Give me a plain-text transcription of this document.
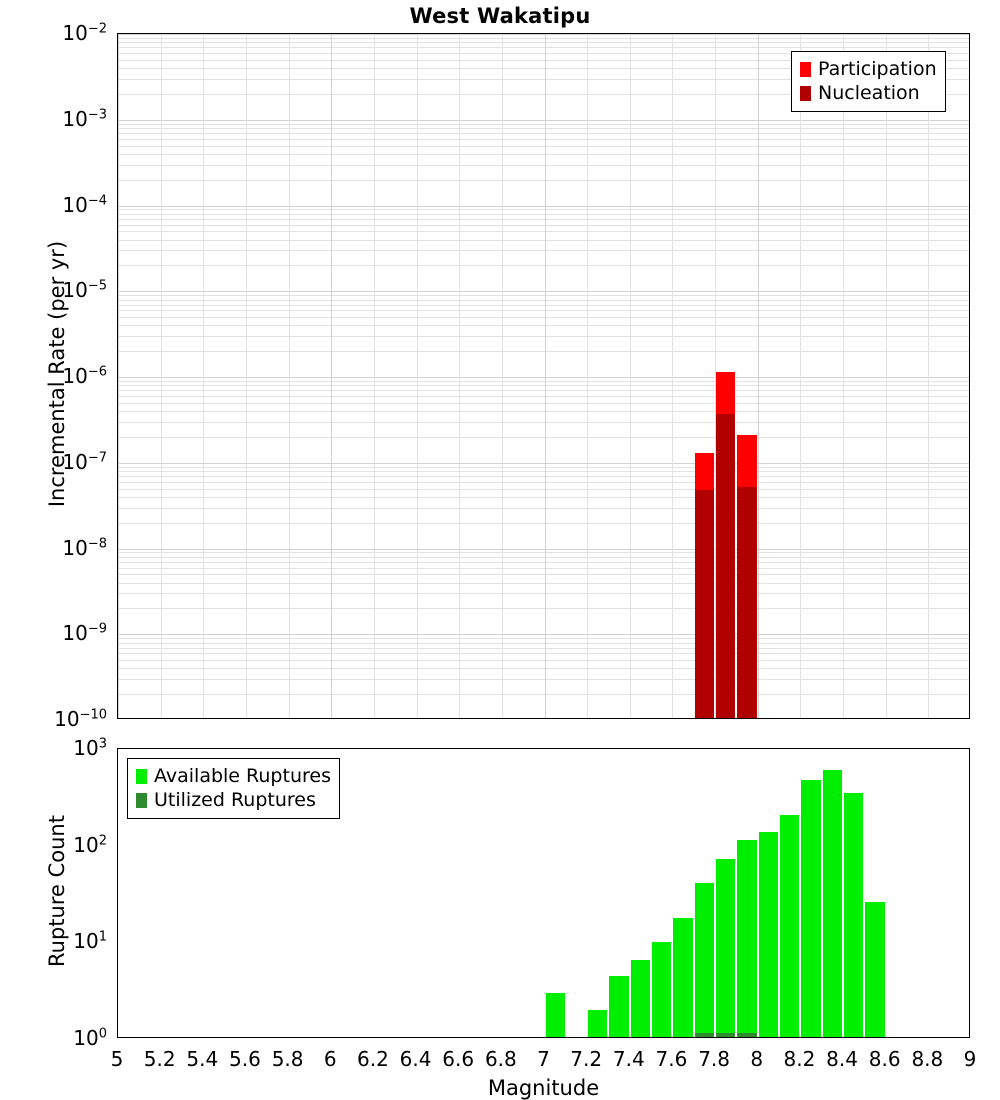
West Wakatipu
Incremental Rate (per yr)
Participation
Nucleation
Rupture Count
Available Ruptures
Utilized Ruptures
Magnitude
$10^{-10}$
$10^{-9}$
$10^{-8}$
$10^{-7}$
$10^{-6}$
$10^{-5}$
$10^{-4}$
$10^{-3}$
$10^{-2}$
$10^0$
$10^1$
$10^2$
$10^3$
5 5.2 5.4 5.6 5.8 6 6.2 6.4 6.6 6.8 7 7.2 7.4 7.6 7.8 8 8.2 8.4 8.6 8.8 9
